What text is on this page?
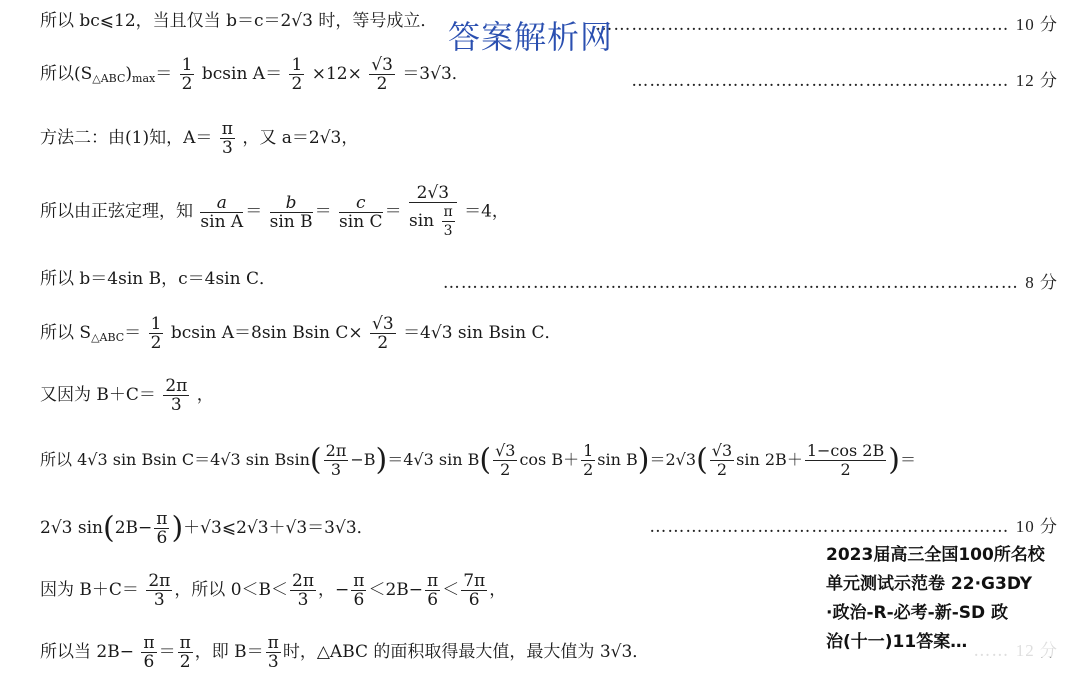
所以 bc⩽12，当且仅当 b＝c＝2√3 时，等号成立．	…………………………………………………………… 10 分
答案解析网
所以$(S_{\triangle ABC})_{max}= \frac{1}{2}$ bcsin $A= \frac{1}{2} \times 12\times \frac{√3}{2} =3√3$．	……………………………………………………… 12 分
方法二：由(1)知，$A= \frac{\pi}{3}$ ，又 a＝2√3，
所以由正弦定理，知 $\frac{a}{\text{sin A}} = \frac{b}{\text{sin B}} = \frac{c}{\text{sin C}} = \frac{2√3}{\sin \frac{\pi}{3}} =4$，
所以 b＝4sin B，c＝4sin C．	…………………………………………………………………………………… 8 分
所以 $S_{\triangle ABC}= \frac{1}{2}$ bcsin A＝8sin Bsin $C\times \frac{√3}{2} =4√3$ sin Bsin C．
又因为 $B+C= \frac{2\pi}{3}$ ，
所以 4√3 sin Bsin C＝4√3 $\sin Bsin( \frac{2\pi}{3} -B)=4√3$ $\sin B( \frac{√3}{2}$ $\cos B+ \frac{1}{2}$ $\sin B)=2√3( \frac{√3}{2}$ $\sin 2B+ \frac{1-\cos 2B}{2}$ )＝
2√3 $\sin(2B- \frac{\pi}{6}$ )＋√3⩽2√3＋√3＝3√3．	…………………………………………………… 10 分
因为 $B+C= \frac{2\pi}{3}$ ，所以 $0<B< \frac{2\pi}{3}$ ，− $\frac{\pi}{6} <2B- \frac{\pi}{6} < \frac{7\pi}{6}$ ，
所以当 $2B- \frac{\pi}{6} = \frac{\pi}{2}$ ，即 $B= \frac{\pi}{3}$ 时，△ABC 的面积取得最大值，最大值为 3√3．
2023届高三全国100所名校
单元测试示范卷 22·G3DY
·政治-R-必考-新-SD 政
治(十一)11答案…
